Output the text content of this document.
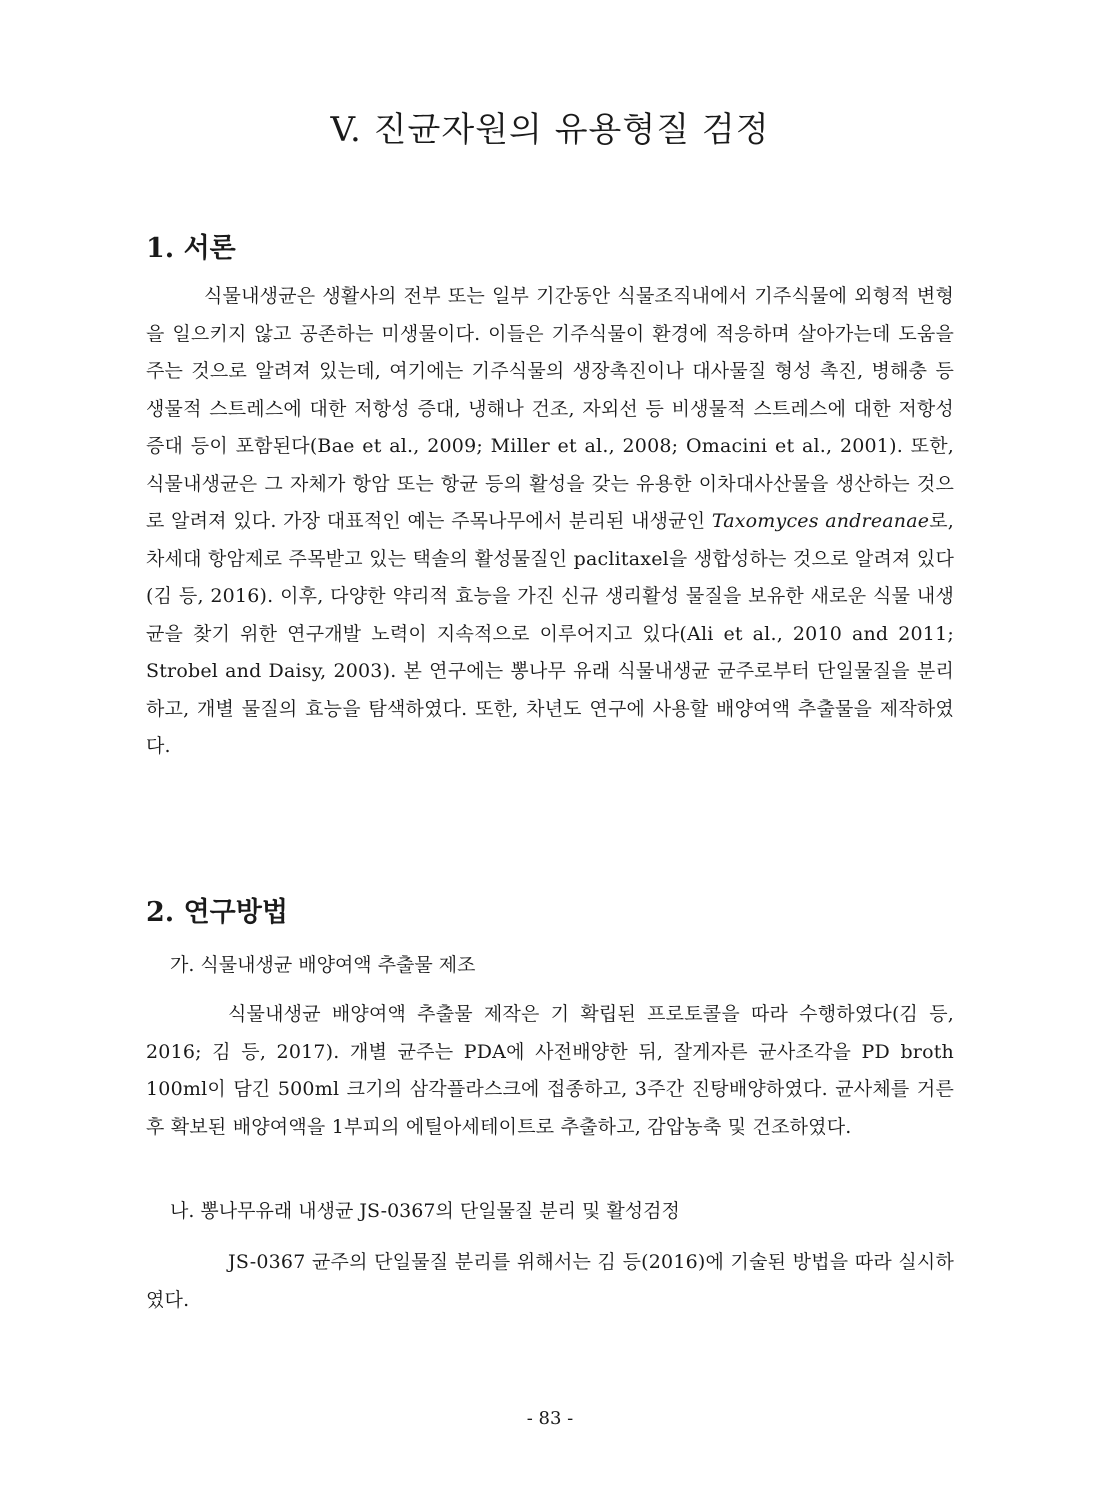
V. 진균자원의 유용형질 검정
1. 서론

식물내생균은 생활사의 전부 또는 일부 기간동안 식물조직내에서 기주식물에 외형적 변형을 일으키지 않고 공존하는 미생물이다. 이들은 기주식물이 환경에 적응하며 살아가는데 도움을 주는 것으로 알려져 있는데, 여기에는 기주식물의 생장촉진이나 대사물질 형성 촉진, 병해충 등 생물적 스트레스에 대한 저항성 증대, 냉해나 건조, 자외선 등 비생물적 스트레스에 대한 저항성 증대 등이 포함된다(Bae et al., 2009; Miller et al., 2008; Omacini et al., 2001). 또한, 식물내생균은 그 자체가 항암 또는 항균 등의 활성을 갖는 유용한 이차대사산물을 생산하는 것으로 알려져 있다. 가장 대표적인 예는 주목나무에서 분리된 내생균인 Taxomyces andreanae로, 차세대 항암제로 주목받고 있는 택솔의 활성물질인 paclitaxel을 생합성하는 것으로 알려져 있다(김 등, 2016). 이후, 다양한 약리적 효능을 가진 신규 생리활성 물질을 보유한 새로운 식물 내생균을 찾기 위한 연구개발 노력이 지속적으로 이루어지고 있다(Ali et al., 2010 and 2011; Strobel and Daisy, 2003). 본 연구에는 뽕나무 유래 식물내생균 균주로부터 단일물질을 분리하고, 개별 물질의 효능을 탐색하였다. 또한, 차년도 연구에 사용할 배양여액 추출물을 제작하였다.

2. 연구방법
가. 식물내생균 배양여액 추출물 제조

식물내생균 배양여액 추출물 제작은 기 확립된 프로토콜을 따라 수행하였다(김 등, 2016; 김 등, 2017). 개별 균주는 PDA에 사전배양한 뒤, 잘게자른 균사조각을 PD broth 100ml이 담긴 500ml 크기의 삼각플라스크에 접종하고, 3주간 진탕배양하였다. 균사체를 거른 후 확보된 배양여액을 1부피의 에틸아세테이트로 추출하고, 감압농축 및 건조하였다.

나. 뽕나무유래 내생균 JS-0367의 단일물질 분리 및 활성검정

JS-0367 균주의 단일물질 분리를 위해서는 김 등(2016)에 기술된 방법을 따라 실시하였다.

- 83 -
